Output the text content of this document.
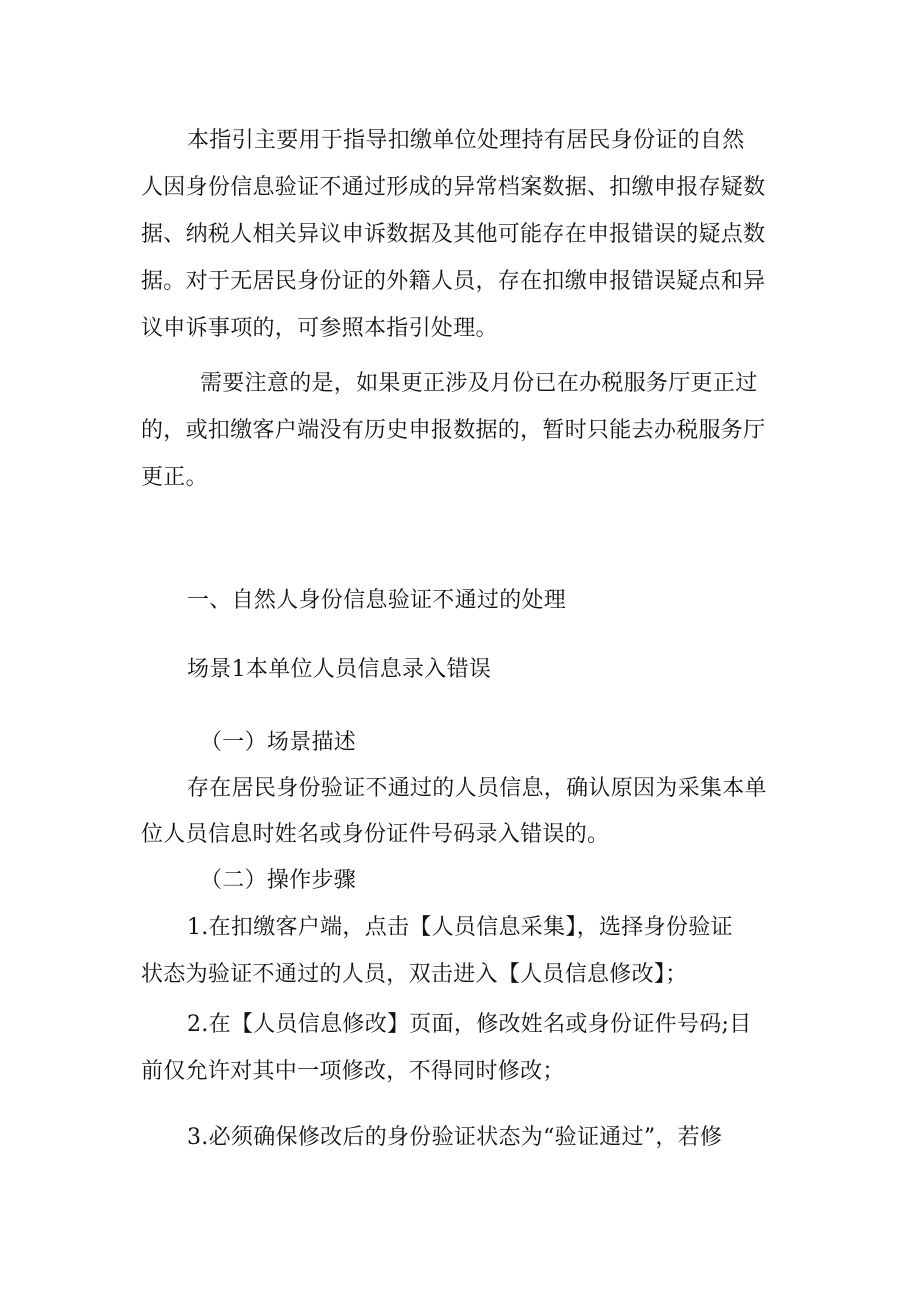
本指引主要用于指导扣缴单位处理持有居民身份证的自然
人因身份信息验证不通过形成的异常档案数据、扣缴申报存疑数
据、纳税人相关异议申诉数据及其他可能存在申报错误的疑点数
据。对于无居民身份证的外籍人员，存在扣缴申报错误疑点和异
议申诉事项的，可参照本指引处理。
需要注意的是，如果更正涉及月份已在办税服务厅更正过
的，或扣缴客户端没有历史申报数据的，暂时只能去办税服务厅
更正。
一、自然人身份信息验证不通过的处理
场景1本单位人员信息录入错误
（一）场景描述
存在居民身份验证不通过的人员信息，确认原因为采集本单
位人员信息时姓名或身份证件号码录入错误的。
（二）操作步骤
1.在扣缴客户端，点击【人员信息采集】，选择身份验证
状态为验证不通过的人员，双击进入【人员信息修改】；
2.在【人员信息修改】页面，修改姓名或身份证件号码;目
前仅允许对其中一项修改，不得同时修改；
3.必须确保修改后的身份验证状态为“验证通过”，若修
